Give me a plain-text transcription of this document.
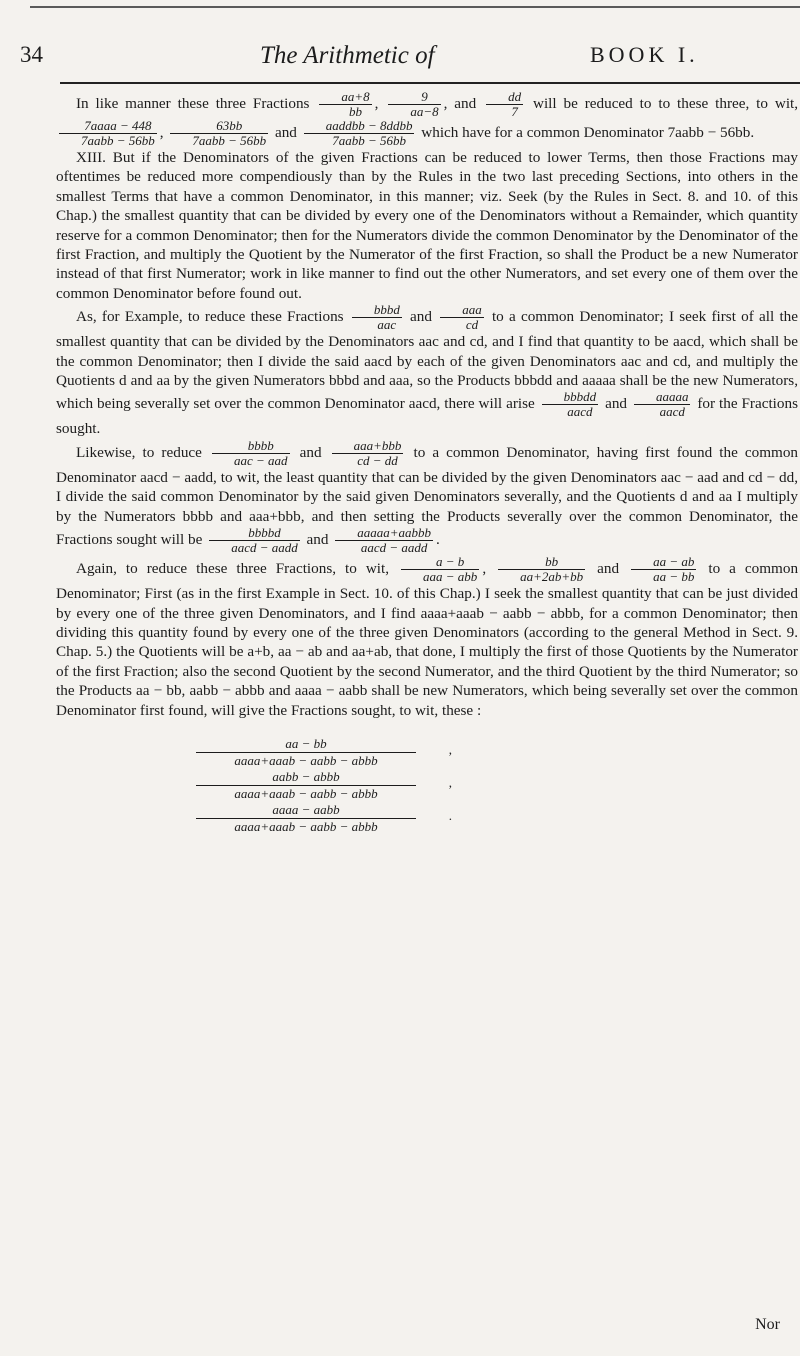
34	The Arithmetic of	BOOK I.

In like manner these three Fractions $\frac{aa+8}{bb}$ , $\frac{9}{aa-8}$ , and $\frac{dd}{7}$ will be reduced to to these three, to wit,
$\frac{\text{7aaaa − 448}}{\text{7aabb − 56bb}}$ , $\frac{63bb}{\text{7aabb − 56bb}}$ and $\frac{\text{aaddbb − 8ddbb}}{\text{7aabb − 56bb}}$ which have for a common Denominator 7aabb − 56bb.

XIII. But if the Denominators of the given Fractions can be reduced to lower Terms, then those Fractions may oftentimes be reduced more compendiously than by the Rules in the two last preceding Sections, into others in the smallest Terms that have a common Denominator, in this manner; viz. Seek (by the Rules in Sect. 8. and 10. of this Chap.) the smallest quantity that can be divided by every one of the Denominators without a Remainder, which quantity reserve for a common Denominator; then for the Numerators divide the common Denominator by the Denominator of the first Fraction, and multiply the Quotient by the Numerator of the first Fraction, so shall the Product be a new Numerator instead of that first Numerator; work in like manner to find out the other Numerators, and set every one of them over the common Denominator before found out.

As, for Example, to reduce these Fractions $\frac{\text{bbbd}}{\text{aac}}$ and $\frac{\text{aaa}}{cd}$ to a common Denominator; I seek first of all the smallest quantity that can be divided by the Denominators aac and cd, and I find that quantity to be aacd, which shall be the common Denominator; then I divide the said aacd by each of the given Denominators aac and cd, and multiply the Quotients d and aa by the given Numerators bbbd and aaa, so the Products bbbdd and aaaaa shall be the new Numerators, which being severally set over the common Denominator aacd, there will arise $\frac{\text{bbbdd}}{\text{aacd}}$ and $\frac{\text{aaaaa}}{\text{aacd}}$ for the Fractions sought.

Likewise, to reduce $\frac{\text{bbbb}}{\text{aac − aad}}$ and $\frac{\text{aaa+bbb}}{cd - dd}$ to a common Denominator, having first found the common Denominator aacd − aadd, to wit, the least quantity that can be divided by the given Denominators aac − aad and cd − dd, I divide the said common Denominator by the said given Denominators severally, and the Quotients d and aa I multiply by the Numerators bbbb and aaa+bbb, and then setting the Products severally over the common Denominator, the Fractions sought will be $\frac{\text{bbbbd}}{\text{aacd − aadd}}$ and $\frac{\text{aaaaa+aabbb}}{\text{aacd − aadd}}$ .

Again, to reduce these three Fractions, to wit, $\frac{a - b}{\text{aaa − abb}}$ , $\frac{bb}{aa+2ab+bb}$ and $\frac{aa - ab}{aa - bb}$ to a common Denominator; First (as in the first Example in Sect. 10. of this Chap.) I seek the smallest quantity that can be just divided by every one of the three given Denominators, and I find aaaa+aaab − aabb − abbb, for a common Denominator; then dividing this quantity found by every one of the three given Denominators (according to the general Method in Sect. 9. Chap. 5.) the Quotients will be a+b, aa − ab and aa+ab, that done, I multiply the first of those Quotients by the Numerator of the first Fraction; also the second Quotient by the second Numerator, and the third Quotient by the third Numerator; so the Products aa − bb, aabb − abbb and aaaa − aabb shall be new Numerators, which being severally set over the common Denominator first found, will give the Fractions sought, to wit, these :

aa − bb
aaaa+aaab − aabb − abbb
,
aabb − abbb
aaaa+aaab − aabb − abbb
,
aaaa − aabb
aaaa+aaab − aabb − abbb
.
Nor
